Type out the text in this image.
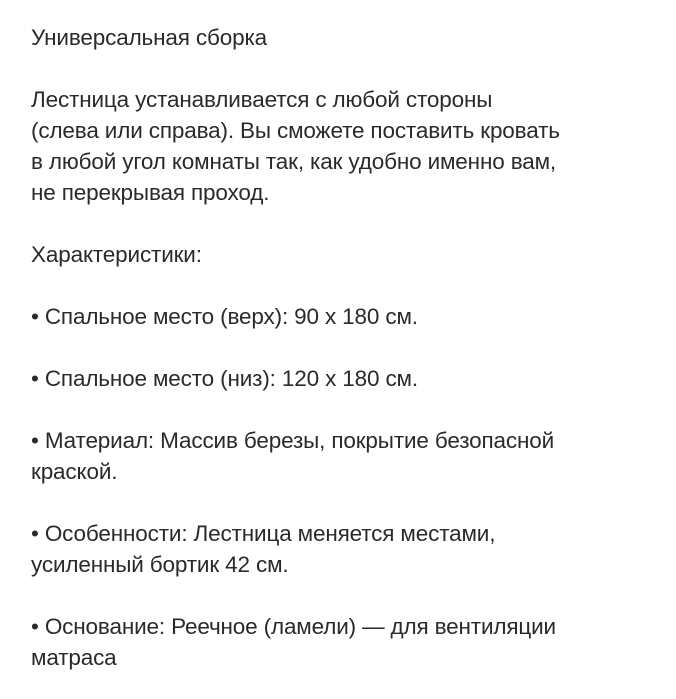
Универсальная сборка

Лестница устанавливается с любой стороны
(слева или справа). Вы сможете поставить кровать
в любой угол комнаты так, как удобно именно вам,
не перекрывая проход.

Характеристики:

• Спальное место (верх): 90 x 180 см.

• Спальное место (низ): 120 x 180 см.

• Материал: Массив березы, покрытие безопасной
краской.

• Особенности: Лестница меняется местами,
усиленный бортик 42 см.

• Основание: Реечное (ламели) — для вентиляции
матраса
